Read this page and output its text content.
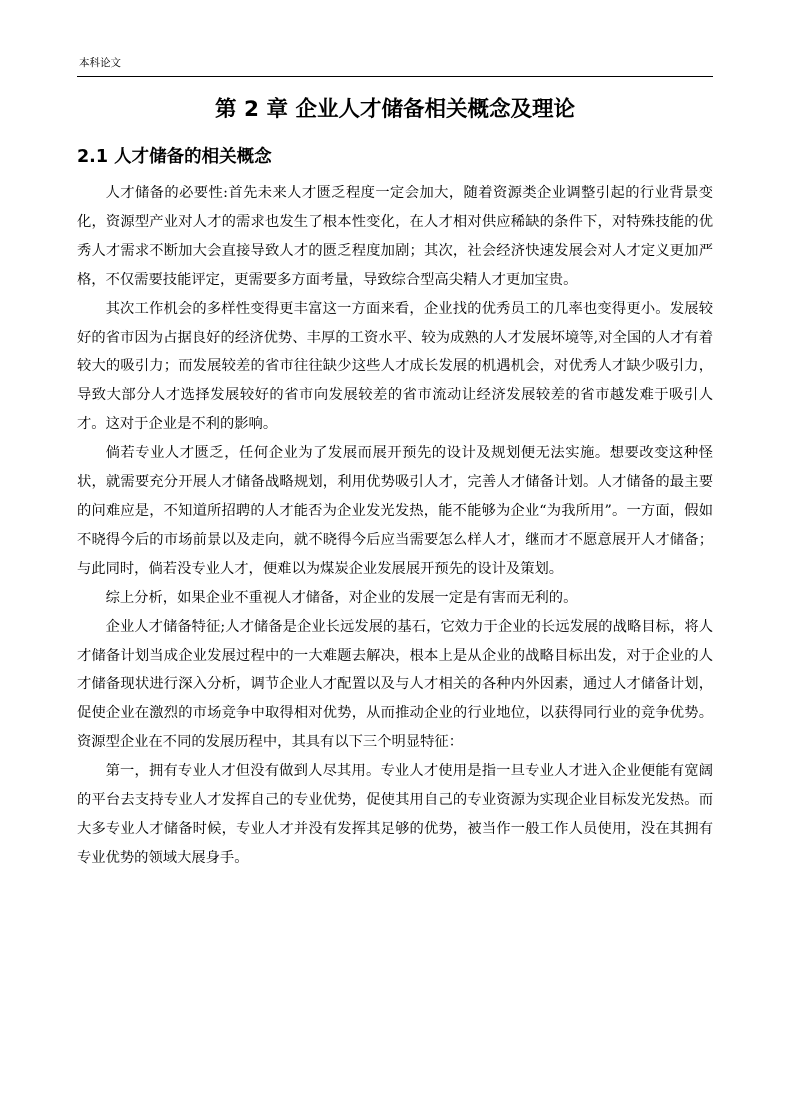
本科论文
第 2 章 企业人才储备相关概念及理论
2.1 人才储备的相关概念

人才储备的必要性:首先未来人才匮乏程度一定会加大，随着资源类企业调整引起的行业背景变化，资源型产业对人才的需求也发生了根本性变化，在人才相对供应稀缺的条件下，对特殊技能的优秀人才需求不断加大会直接导致人才的匮乏程度加剧；其次，社会经济快速发展会对人才定义更加严格，不仅需要技能评定，更需要多方面考量，导致综合型高尖精人才更加宝贵。

其次工作机会的多样性变得更丰富这一方面来看，企业找的优秀员工的几率也变得更小。发展较好的省市因为占据良好的经济优势、丰厚的工资水平、较为成熟的人才发展坏境等,对全国的人才有着较大的吸引力；而发展较差的省市往往缺少这些人才成长发展的机遇机会，对优秀人才缺少吸引力，导致大部分人才选择发展较好的省市向发展较差的省市流动让经济发展较差的省市越发难于吸引人才。这对于企业是不利的影响。

倘若专业人才匮乏，任何企业为了发展而展开预先的设计及规划便无法实施。想要改变这种怪状，就需要充分开展人才储备战略规划，利用优势吸引人才，完善人才储备计划。人才储备的最主要的问难应是，不知道所招聘的人才能否为企业发光发热，能不能够为企业“为我所用”。一方面，假如不晓得今后的市场前景以及走向，就不晓得今后应当需要怎么样人才，继而才不愿意展开人才储备；与此同时，倘若没专业人才，便难以为煤炭企业发展展开预先的设计及策划。

综上分析，如果企业不重视人才储备，对企业的发展一定是有害而无利的。

企业人才储备特征;人才储备是企业长远发展的基石，它效力于企业的长远发展的战略目标，将人才储备计划当成企业发展过程中的一大难题去解决，根本上是从企业的战略目标出发，对于企业的人才储备现状进行深入分析，调节企业人才配置以及与人才相关的各种内外因素，通过人才储备计划，促使企业在激烈的市场竞争中取得相对优势，从而推动企业的行业地位，以获得同行业的竞争优势。资源型企业在不同的发展历程中，其具有以下三个明显特征：

第一，拥有专业人才但没有做到人尽其用。专业人才使用是指一旦专业人才进入企业便能有宽阔的平台去支持专业人才发挥自己的专业优势，促使其用自己的专业资源为实现企业目标发光发热。而大多专业人才储备时候，专业人才并没有发挥其足够的优势，被当作一般工作人员使用，没在其拥有专业优势的领域大展身手。
